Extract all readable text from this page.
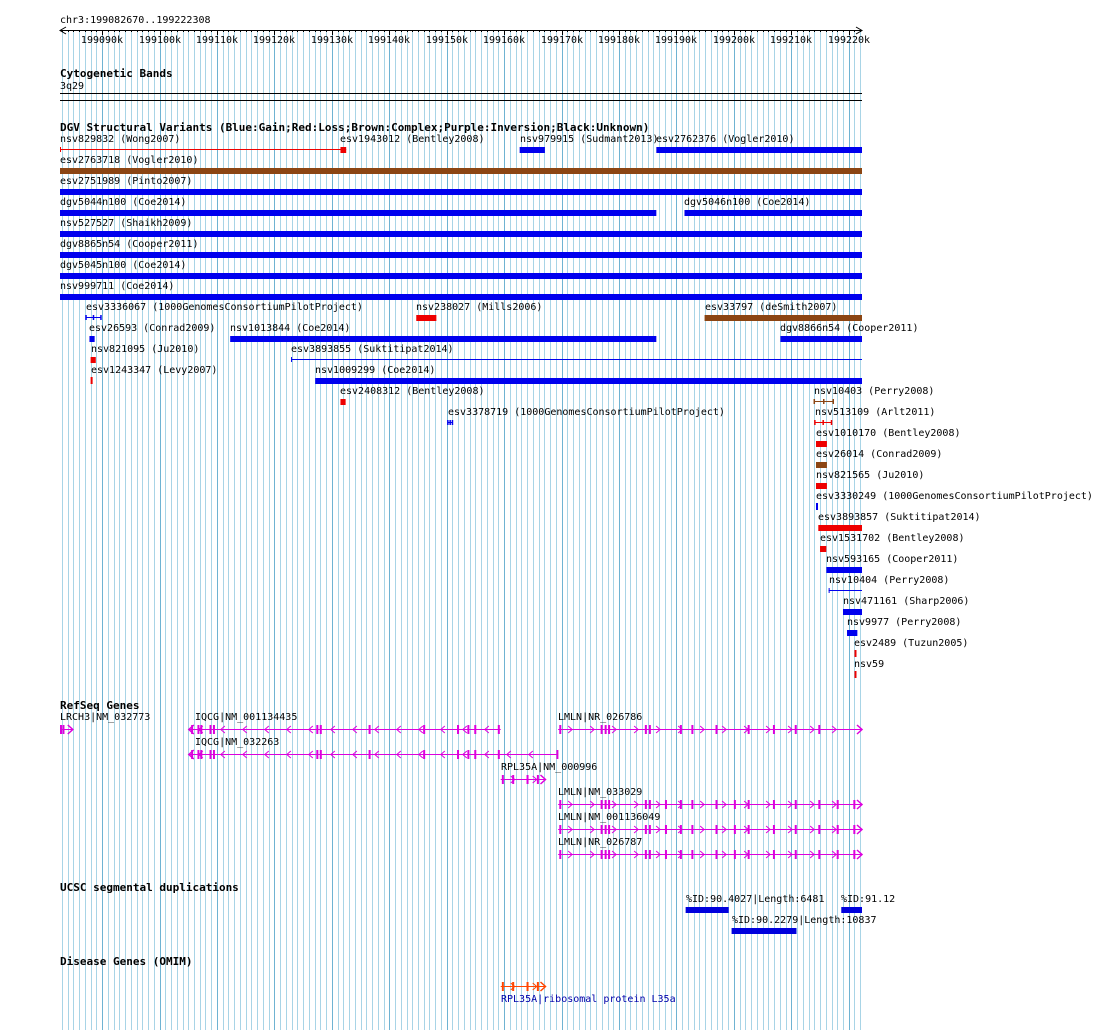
chr3:199082670..199222308
199090k 199100k 199110k 199120k 199130k 199140k 199150k 199160k 199170k 199180k 199190k 199200k 199210k 199220k
Cytogenetic Bands
3q29
DGV Structural Variants (Blue:Gain;Red:Loss;Brown:Complex;Purple:Inversion;Black:Unknown)
RefSeq Genes
UCSC segmental duplications
Disease Genes (OMIM)
nsv829832 (Wong2007)	esv1943012 (Bentley2008)	nsv979915 (Sudmant2013)
esv2762376 (Vogler2010)
esv2763718 (Vogler2010)
esv2751989 (Pinto2007)
dgv5044n100 (Coe2014)	dgv5046n100 (Coe2014)
nsv527527 (Shaikh2009)
dgv8865n54 (Cooper2011)
dgv5045n100 (Coe2014)
nsv999711 (Coe2014)
esv3336067 (1000GenomesConsortiumPilotProject)	nsv238027 (Mills2006)	esv33797 (deSmith2007)
esv26593 (Conrad2009) nsv1013844 (Coe2014)	dgv8866n54 (Cooper2011)
nsv821095 (Ju2010)	esv3893855 (Suktitipat2014)
esv1243347 (Levy2007)	nsv1009299 (Coe2014)
esv2408312 (Bentley2008)	nsv10403 (Perry2008)
esv3378719 (1000GenomesConsortiumPilotProject)	nsv513109 (Arlt2011)
esv1010170 (Bentley2008)
esv26014 (Conrad2009)
nsv821565 (Ju2010)
esv3330249 (1000GenomesConsortiumPilotProject)
esv3893857 (Suktitipat2014)
esv1531702 (Bentley2008)
nsv593165 (Cooper2011)
nsv10404 (Perry2008)
nsv471161 (Sharp2006)
nsv9977 (Perry2008)
esv2489 (Tuzun2005)
nsv59
LRCH3|NM_032773	IQCG|NM_001134435	LMLN|NR_026786
IQCG|NM_032263
RPL35A|NM_000996
LMLN|NM_033029
LMLN|NM_001136049
LMLN|NR_026787
%ID:90.4027|Length:6481 %ID:91.12
%ID:90.2279|Length:10837
RPL35A|ribosomal protein L35a
